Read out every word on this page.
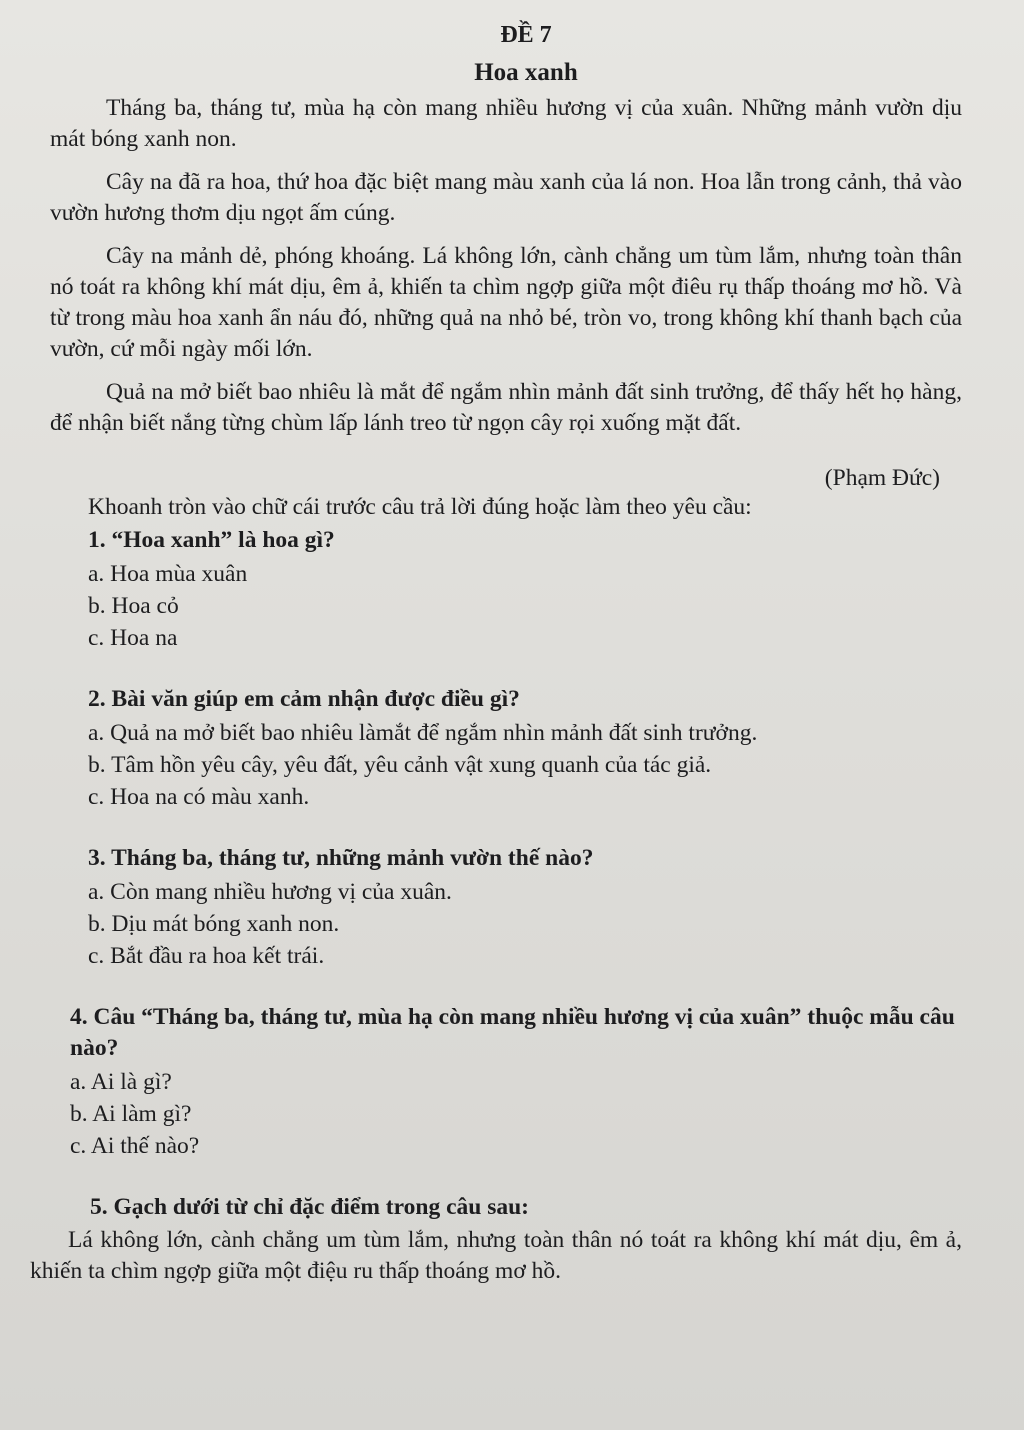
ĐỀ 7
Hoa xanh

Tháng ba, tháng tư, mùa hạ còn mang nhiều hương vị của xuân. Những mảnh vườn dịu mát bóng xanh non.

Cây na đã ra hoa, thứ hoa đặc biệt mang màu xanh của lá non. Hoa lẫn trong cảnh, thả vào vườn hương thơm dịu ngọt ấm cúng.

Cây na mảnh dẻ, phóng khoáng. Lá không lớn, cành chẳng um tùm lắm, nhưng toàn thân nó toát ra không khí mát dịu, êm ả, khiến ta chìm ngợp giữa một điêu rụ thấp thoáng mơ hồ. Và từ trong màu hoa xanh ẩn náu đó, những quả na nhỏ bé, tròn vo, trong không khí thanh bạch của vườn, cứ mỗi ngày mối lớn.

Quả na mở biết bao nhiêu là mắt để ngắm nhìn mảnh đất sinh trưởng, để thấy hết họ hàng, để nhận biết nắng từng chùm lấp lánh treo từ ngọn cây rọi xuống mặt đất.

(Phạm Đức)
Khoanh tròn vào chữ cái trước câu trả lời đúng hoặc làm theo yêu cầu:
1. “Hoa xanh” là hoa gì?
a. Hoa mùa xuân
b. Hoa cỏ
c. Hoa na
2. Bài văn giúp em cảm nhận được điều gì?
a. Quả na mở biết bao nhiêu làmắt để ngắm nhìn mảnh đất sinh trưởng.
b. Tâm hồn yêu cây, yêu đất, yêu cảnh vật xung quanh của tác giả.
c. Hoa na có màu xanh.
3. Tháng ba, tháng tư, những mảnh vườn thế nào?
a. Còn mang nhiều hương vị của xuân.
b. Dịu mát bóng xanh non.
c. Bắt đầu ra hoa kết trái.
4. Câu “Tháng ba, tháng tư, mùa hạ còn mang nhiều hương vị của xuân” thuộc mẫu câu nào?
a. Ai là gì?
b. Ai làm gì?
c. Ai thế nào?
5. Gạch dưới từ chỉ đặc điểm trong câu sau:

Lá không lớn, cành chẳng um tùm lắm, nhưng toàn thân nó toát ra không khí mát dịu, êm ả, khiến ta chìm ngợp giữa một điệu ru thấp thoáng mơ hồ.
